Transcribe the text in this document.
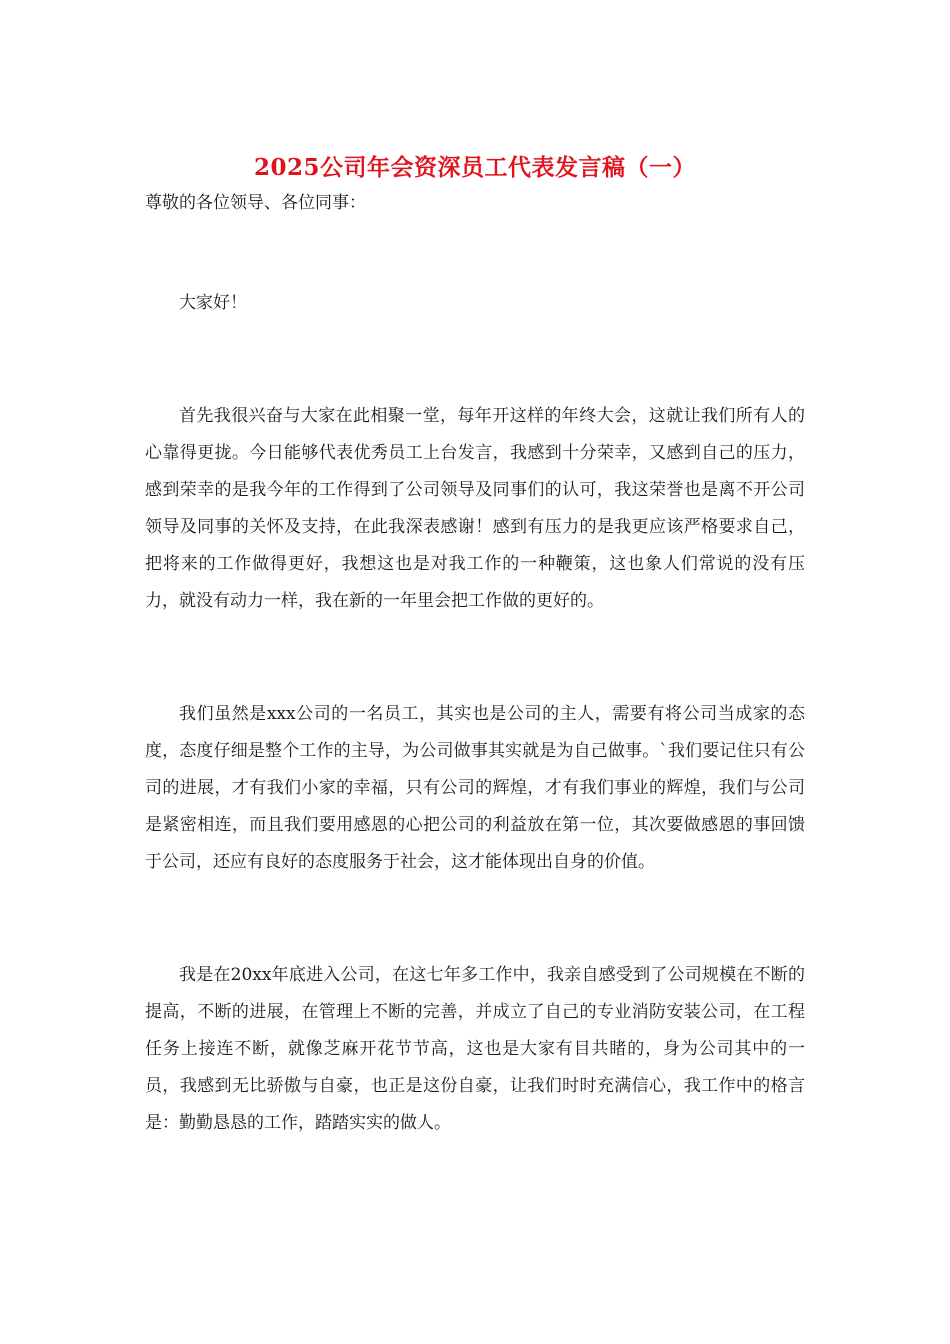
2025公司年会资深员工代表发言稿（一）

尊敬的各位领导、各位同事：

大家好！

首先我很兴奋与大家在此相聚一堂，每年开这样的年终大会，这就让我们所有人的心靠得更拢。今日能够代表优秀员工上台发言，我感到十分荣幸，又感到自己的压力，感到荣幸的是我今年的工作得到了公司领导及同事们的认可，我这荣誉也是离不开公司领导及同事的关怀及支持，在此我深表感谢！感到有压力的是我更应该严格要求自己，把将来的工作做得更好，我想这也是对我工作的一种鞭策，这也象人们常说的没有压力，就没有动力一样，我在新的一年里会把工作做的更好的。

我们虽然是xxx公司的一名员工，其实也是公司的主人，需要有将公司当成家的态度，态度仔细是整个工作的主导，为公司做事其实就是为自己做事。`我们要记住只有公司的进展，才有我们小家的幸福，只有公司的辉煌，才有我们事业的辉煌，我们与公司是紧密相连，而且我们要用感恩的心把公司的利益放在第一位，其次要做感恩的事回馈于公司，还应有良好的态度服务于社会，这才能体现出自身的价值。

我是在20xx年底进入公司，在这七年多工作中，我亲自感受到了公司规模在不断的提高，不断的进展，在管理上不断的完善，并成立了自己的专业消防安装公司，在工程任务上接连不断，就像芝麻开花节节高，这也是大家有目共睹的，身为公司其中的一员，我感到无比骄傲与自豪，也正是这份自豪，让我们时时充满信心，我工作中的格言是：勤勤恳恳的工作，踏踏实实的做人。
